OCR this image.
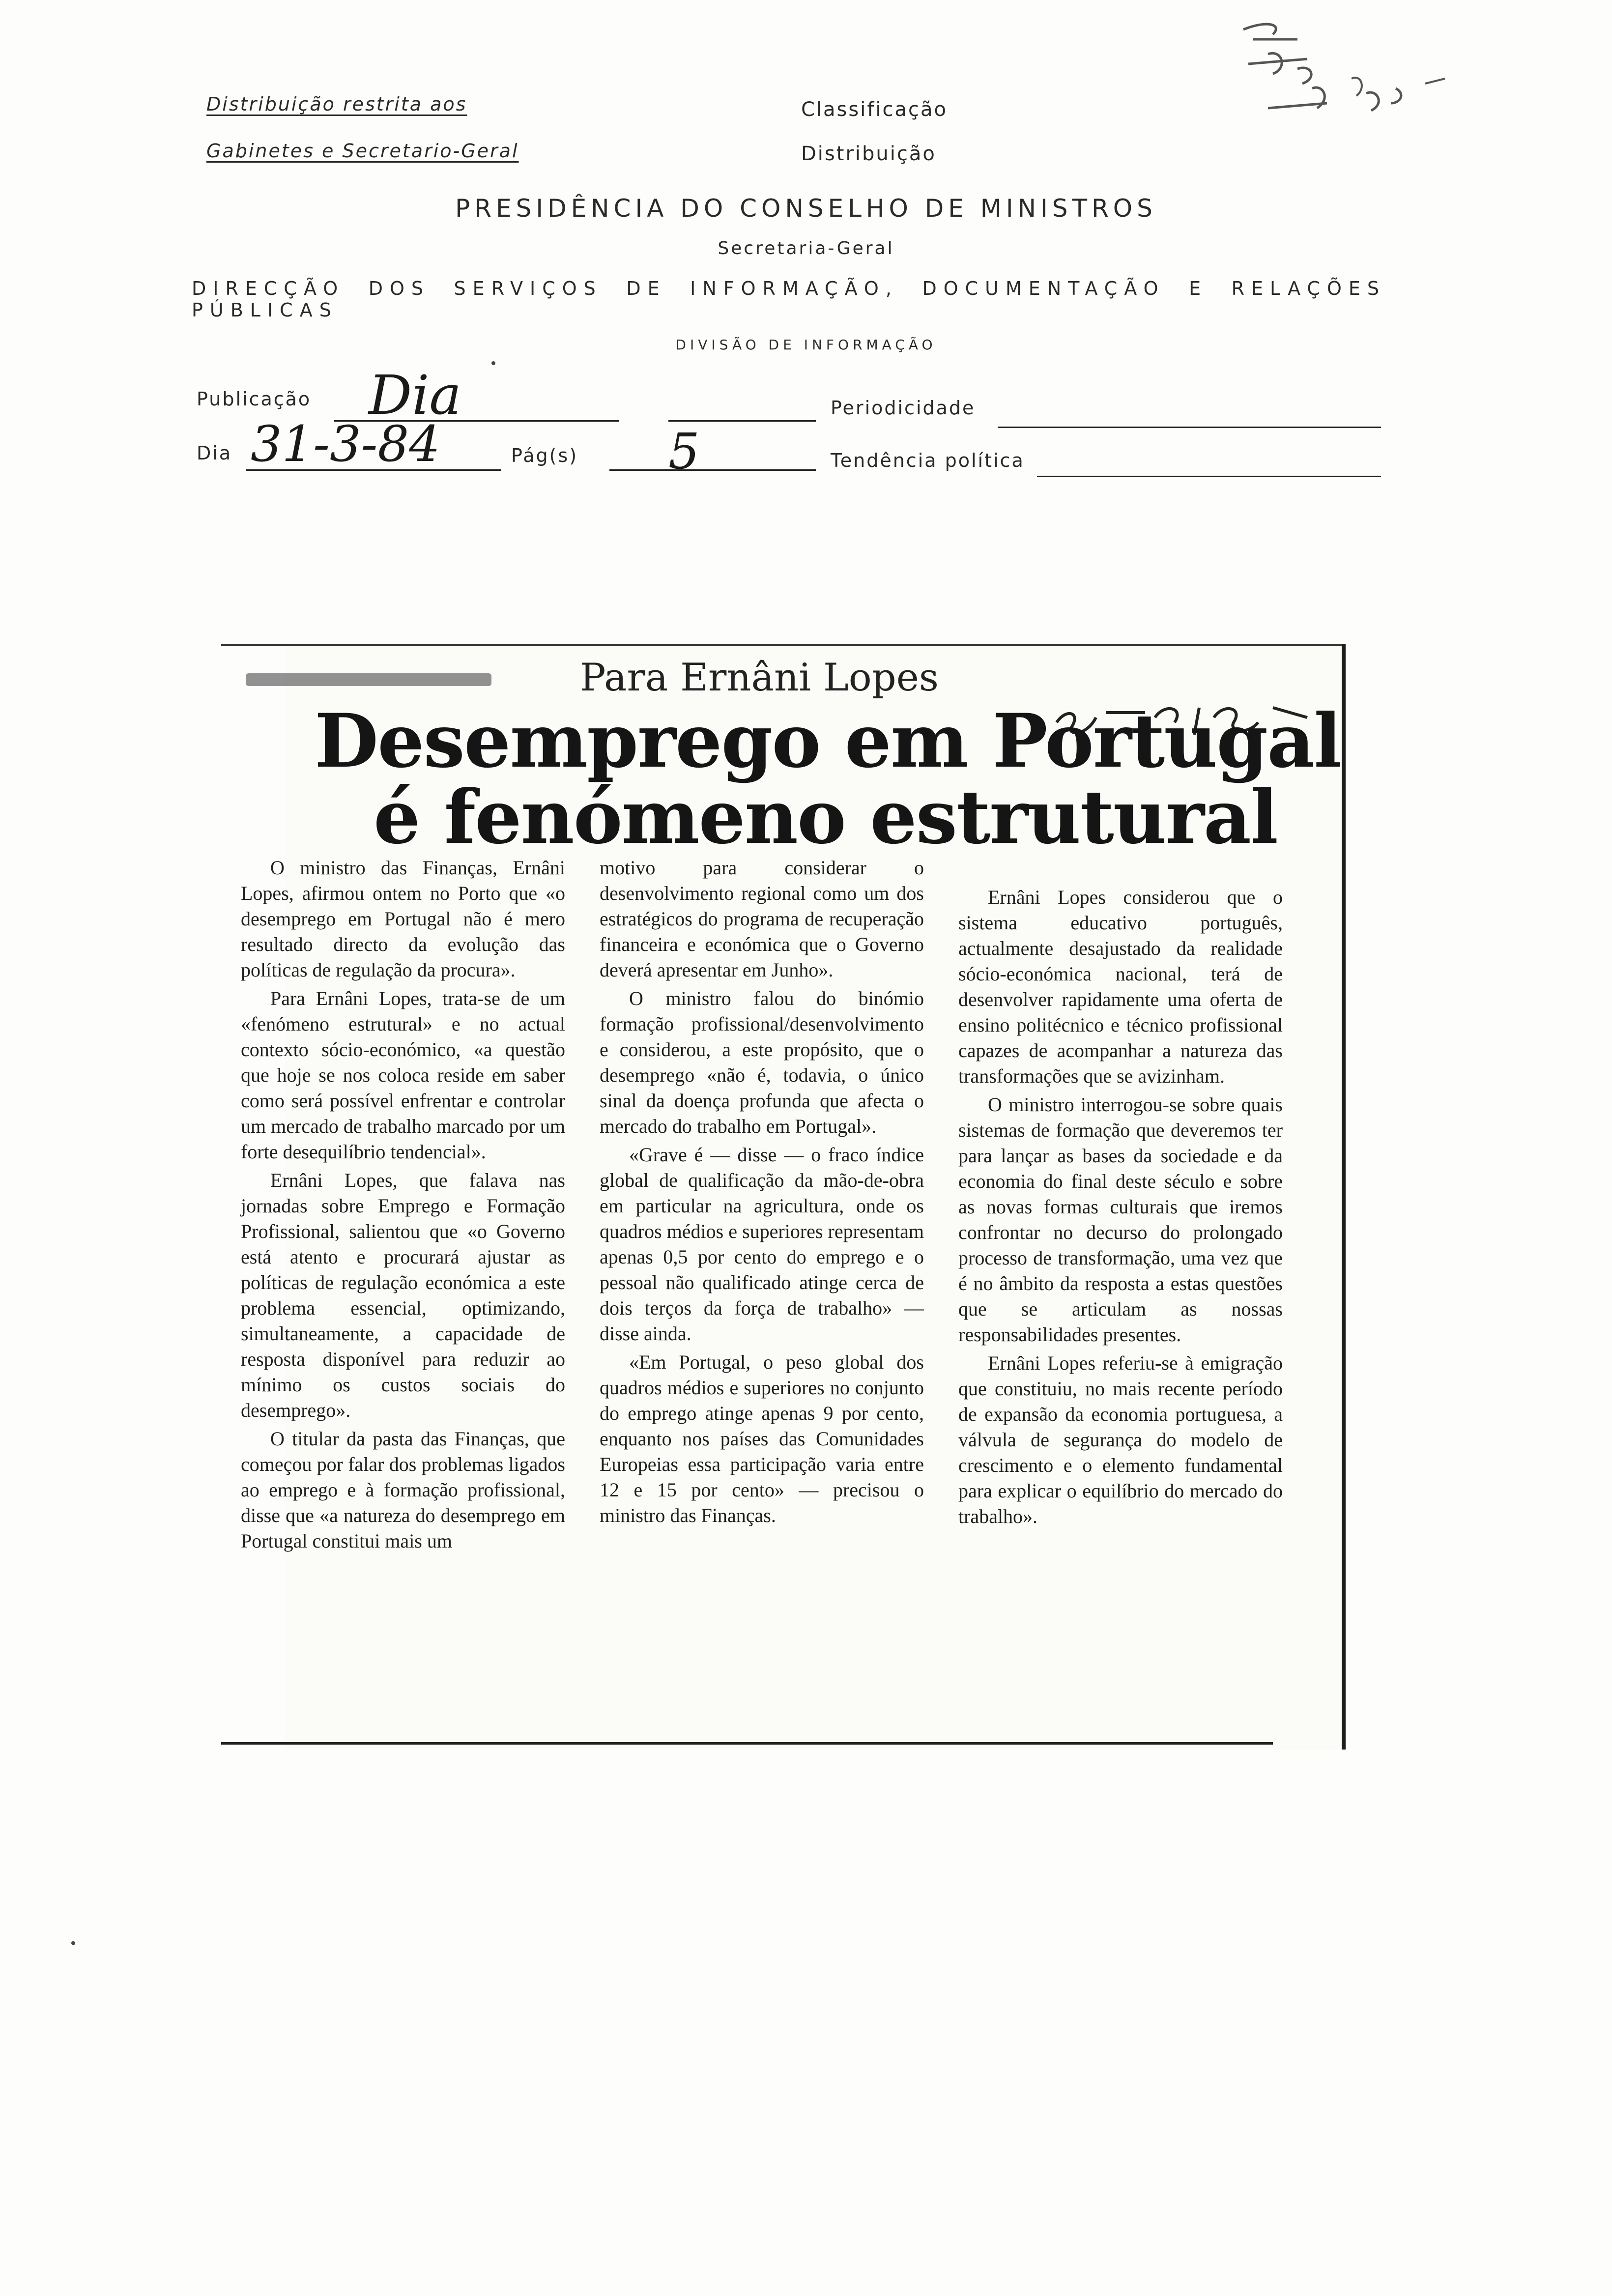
Distribuição restrita aos
Gabinetes e Secretario-Geral
Classificação
Distribuição
PRESIDÊNCIA DO CONSELHO DE MINISTROS
Secretaria-Geral
DIRECÇÃO DOS SERVIÇOS DE INFORMAÇÃO, DOCUMENTAÇÃO E RELAÇÕES PÚBLICAS
DIVISÃO DE INFORMAÇÃO
Publicação Dia	Periodicidade
Dia 31-3-84	Pág(s) 5	Tendência política
Para Ernâni Lopes
Desemprego em Portugal
é fenómeno estrutural

O ministro das Finanças, Ernâni Lopes, afirmou ontem no Porto que «o desemprego em Portugal não é mero resultado directo da evolução das políticas de regulação da procura».

Para Ernâni Lopes, trata-se de um «fenómeno estrutural» e no actual contexto sócio-económico, «a questão que hoje se nos coloca reside em saber como será possível enfrentar e controlar um mercado de trabalho marcado por um forte desequilíbrio tendencial».

Ernâni Lopes, que falava nas jornadas sobre Emprego e Formação Profissional, salientou que «o Governo está atento e procurará ajustar as políticas de regulação económica a este problema essencial, optimizando, simultaneamente, a capacidade de resposta disponível para reduzir ao mínimo os custos sociais do desemprego».

O titular da pasta das Finanças, que começou por falar dos problemas ligados ao emprego e à formação profissional, disse que «a natureza do desemprego em Portugal constitui mais um

motivo para considerar o desenvolvimento regional como um dos estratégicos do programa de recuperação financeira e económica que o Governo deverá apresentar em Junho».

O ministro falou do binómio formação profissional/desenvolvimento e considerou, a este propósito, que o desemprego «não é, todavia, o único sinal da doença profunda que afecta o mercado do trabalho em Portugal».

«Grave é — disse — o fraco índice global de qualificação da mão-de-obra em particular na agricultura, onde os quadros médios e superiores representam apenas 0,5 por cento do emprego e o pessoal não qualificado atinge cerca de dois terços da força de trabalho» — disse ainda.

«Em Portugal, o peso global dos quadros médios e superiores no conjunto do emprego atinge apenas 9 por cento, enquanto nos países das Comunidades Europeias essa participação varia entre 12 e 15 por cento» — precisou o ministro das Finanças.

Ernâni Lopes considerou que o sistema educativo português, actualmente desajustado da realidade sócio-económica nacional, terá de desenvolver rapidamente uma oferta de ensino politécnico e técnico profissional capazes de acompanhar a natureza das transformações que se avizinham.

O ministro interrogou-se sobre quais sistemas de formação que deveremos ter para lançar as bases da sociedade e da economia do final deste século e sobre as novas formas culturais que iremos confrontar no decurso do prolongado processo de transformação, uma vez que é no âmbito da resposta a estas questões que se articulam as nossas responsabilidades presentes.

Ernâni Lopes referiu-se à emigração que constituiu, no mais recente período de expansão da economia portuguesa, a válvula de segurança do modelo de crescimento e o elemento fundamental para explicar o equilíbrio do mercado do trabalho».
